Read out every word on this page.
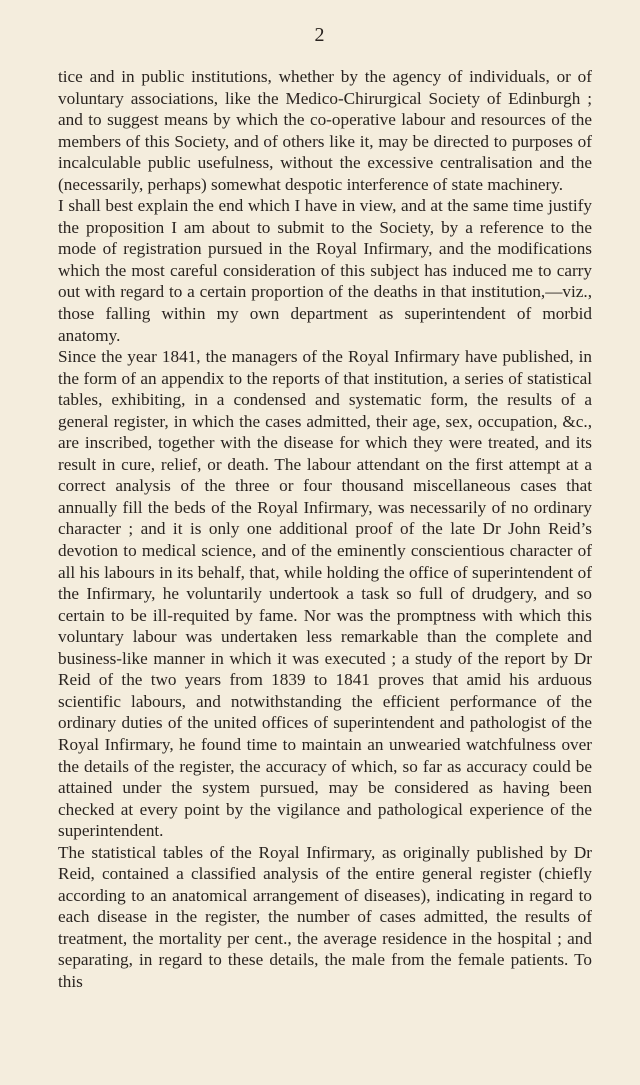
2

tice and in public institutions, whether by the agency of individuals, or of voluntary associations, like the Medico-Chirurgical Society of Edinburgh ; and to suggest means by which the co-operative labour and resources of the members of this Society, and of others like it, may be directed to purposes of incalculable public usefulness, without the excessive centralisation and the (necessarily, perhaps) somewhat despotic interference of state machinery.

I shall best explain the end which I have in view, and at the same time justify the proposition I am about to submit to the Society, by a reference to the mode of registration pursued in the Royal Infirmary, and the modifications which the most careful consideration of this subject has induced me to carry out with regard to a certain proportion of the deaths in that institution,—viz., those falling within my own department as superintendent of morbid anatomy.

Since the year 1841, the managers of the Royal Infirmary have published, in the form of an appendix to the reports of that institution, a series of statistical tables, exhibiting, in a condensed and systematic form, the results of a general register, in which the cases admitted, their age, sex, occupation, &c., are inscribed, together with the disease for which they were treated, and its result in cure, relief, or death. The labour attendant on the first attempt at a correct analysis of the three or four thousand miscellaneous cases that annually fill the beds of the Royal Infirmary, was necessarily of no ordinary character ; and it is only one additional proof of the late Dr John Reid’s devotion to medical science, and of the eminently conscientious character of all his labours in its behalf, that, while holding the office of superintendent of the Infirmary, he voluntarily undertook a task so full of drudgery, and so certain to be ill-requited by fame. Nor was the promptness with which this voluntary labour was undertaken less remarkable than the complete and business-like manner in which it was executed ; a study of the report by Dr Reid of the two years from 1839 to 1841 proves that amid his arduous scientific labours, and notwithstanding the efficient performance of the ordinary duties of the united offices of superintendent and pathologist of the Royal Infirmary, he found time to maintain an unwearied watchfulness over the details of the register, the accuracy of which, so far as accuracy could be attained under the system pursued, may be considered as having been checked at every point by the vigilance and pathological experience of the superintendent.

The statistical tables of the Royal Infirmary, as originally published by Dr Reid, contained a classified analysis of the entire general register (chiefly according to an anatomical arrangement of diseases), indicating in regard to each disease in the register, the number of cases admitted, the results of treatment, the mortality per cent., the average residence in the hospital ; and separating, in regard to these details, the male from the female patients. To this
